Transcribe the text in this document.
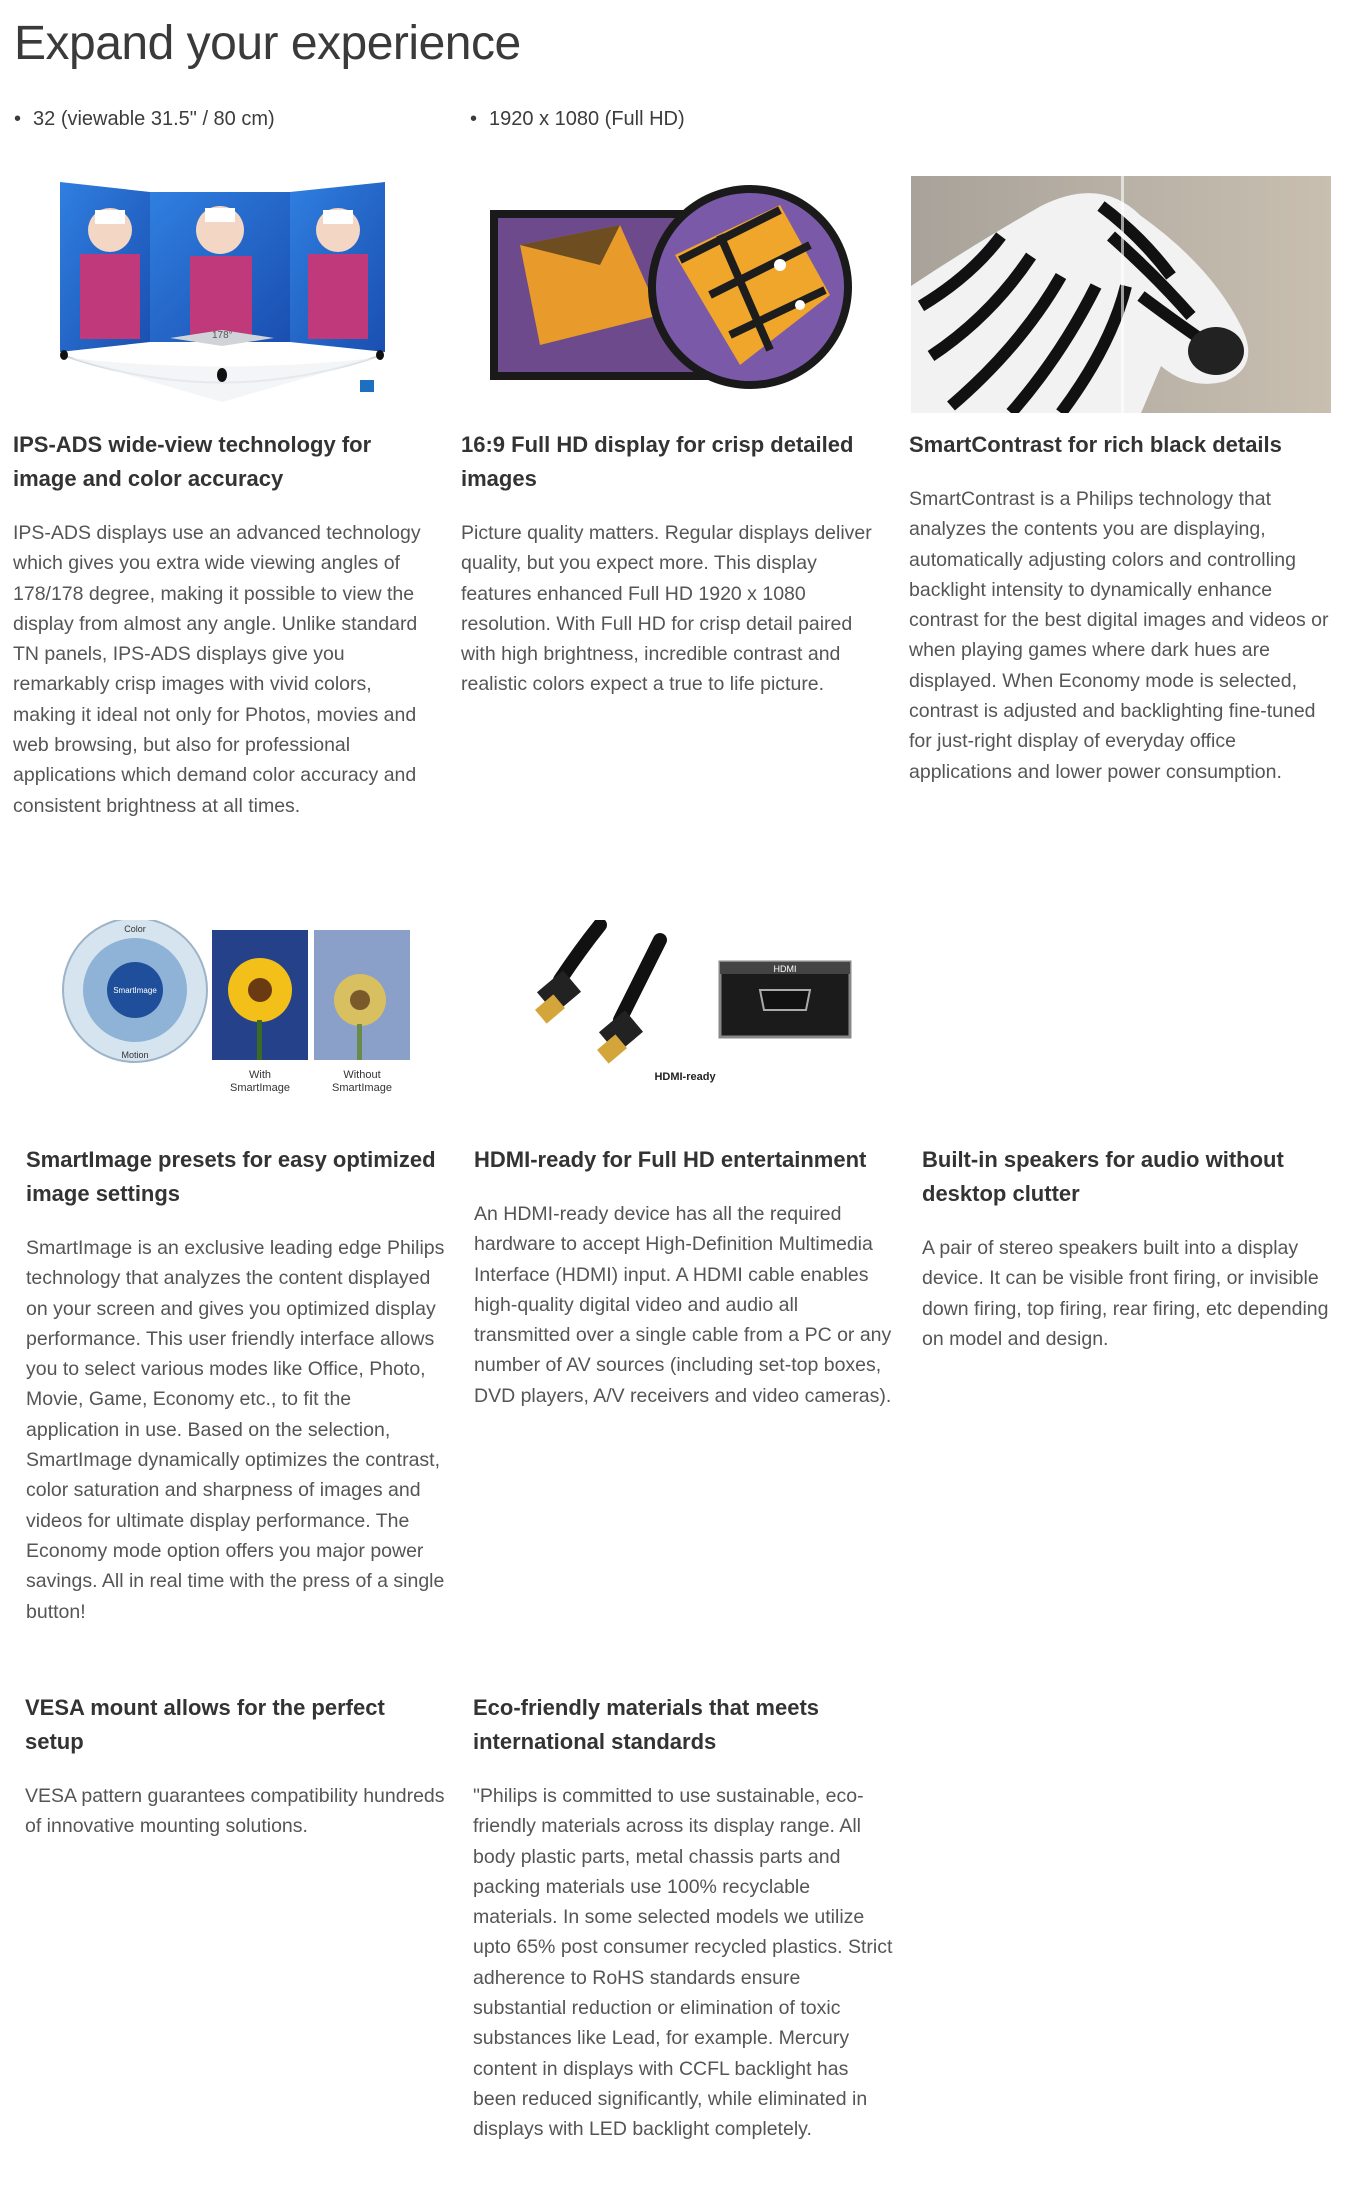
Expand your experience
• 32 (viewable 31.5" / 80 cm)	• 1920 x 1080 (Full HD)
178°
IPS-ADS wide-view technology for image and color accuracy

IPS-ADS displays use an advanced technology which gives you extra wide viewing angles of 178/178 degree, making it possible to view the display from almost any angle. Unlike standard TN panels, IPS-ADS displays give you remarkably crisp images with vivid colors, making it ideal not only for Photos, movies and web browsing, but also for professional applications which demand color accuracy and consistent brightness at all times.

16:9 Full HD display for crisp detailed images

Picture quality matters. Regular displays deliver quality, but you expect more. This display features enhanced Full HD 1920 x 1080 resolution. With Full HD for crisp detail paired with high brightness, incredible contrast and realistic colors expect a true to life picture.

SmartContrast for rich black details

SmartContrast is a Philips technology that analyzes the contents you are displaying, automatically adjusting colors and controlling backlight intensity to dynamically enhance contrast for the best digital images and videos or when playing games where dark hues are displayed. When Economy mode is selected, contrast is adjusted and backlighting fine-tuned for just-right display of everyday office applications and lower power consumption.

Color
SmartImage
Motion
With
SmartImage
Without
SmartImage
HDMI
HDMI-ready
SmartImage presets for easy optimized image settings

SmartImage is an exclusive leading edge Philips technology that analyzes the content displayed on your screen and gives you optimized display performance. This user friendly interface allows you to select various modes like Office, Photo, Movie, Game, Economy etc., to fit the application in use. Based on the selection, SmartImage dynamically optimizes the contrast, color saturation and sharpness of images and videos for ultimate display performance. The Economy mode option offers you major power savings. All in real time with the press of a single button!

HDMI-ready for Full HD entertainment

An HDMI-ready device has all the required hardware to accept High-Definition Multimedia Interface (HDMI) input. A HDMI cable enables high-quality digital video and audio all transmitted over a single cable from a PC or any number of AV sources (including set-top boxes, DVD players, A/V receivers and video cameras).

Built-in speakers for audio without desktop clutter

A pair of stereo speakers built into a display device. It can be visible front firing, or invisible down firing, top firing, rear firing, etc depending on model and design.

VESA mount allows for the perfect setup

VESA pattern guarantees compatibility hundreds of innovative mounting solutions.

Eco-friendly materials that meets international standards

"Philips is committed to use sustainable, eco-friendly materials across its display range. All body plastic parts, metal chassis parts and packing materials use 100% recyclable materials. In some selected models we utilize upto 65% post consumer recycled plastics. Strict adherence to RoHS standards ensure substantial reduction or elimination of toxic substances like Lead, for example. Mercury content in displays with CCFL backlight has been reduced significantly, while eliminated in displays with LED backlight completely.
